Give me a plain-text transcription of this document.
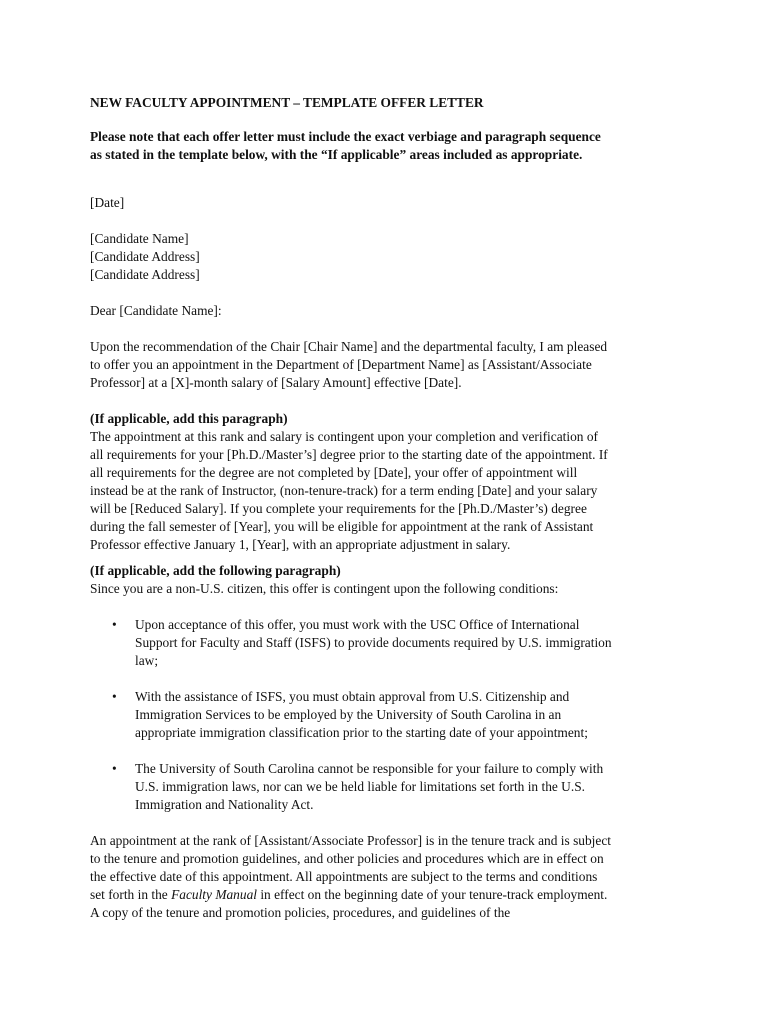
NEW FACULTY APPOINTMENT – TEMPLATE OFFER LETTER
Please note that each offer letter must include the exact verbiage and paragraph sequence
as stated in the template below, with the “If applicable” areas included as appropriate.
[Date]
[Candidate Name]
[Candidate Address]
[Candidate Address]
Dear [Candidate Name]:
Upon the recommendation of the Chair [Chair Name] and the departmental faculty, I am pleased
to offer you an appointment in the Department of [Department Name] as [Assistant/Associate
Professor] at a [X]-month salary of [Salary Amount] effective [Date].
(If applicable, add this paragraph)
The appointment at this rank and salary is contingent upon your completion and verification of
all requirements for your [Ph.D./Master’s] degree prior to the starting date of the appointment. If
all requirements for the degree are not completed by [Date], your offer of appointment will
instead be at the rank of Instructor, (non-tenure-track) for a term ending [Date] and your salary
will be [Reduced Salary]. If you complete your requirements for the [Ph.D./Master’s) degree
during the fall semester of [Year], you will be eligible for appointment at the rank of Assistant
Professor effective January 1, [Year], with an appropriate adjustment in salary.
(If applicable, add the following paragraph)
Since you are a non-U.S. citizen, this offer is contingent upon the following conditions:
• Upon acceptance of this offer, you must work with the USC Office of International
Support for Faculty and Staff (ISFS) to provide documents required by U.S. immigration
law;
• With the assistance of ISFS, you must obtain approval from U.S. Citizenship and
Immigration Services to be employed by the University of South Carolina in an
appropriate immigration classification prior to the starting date of your appointment;
• The University of South Carolina cannot be responsible for your failure to comply with
U.S. immigration laws, nor can we be held liable for limitations set forth in the U.S.
Immigration and Nationality Act.
An appointment at the rank of [Assistant/Associate Professor] is in the tenure track and is subject
to the tenure and promotion guidelines, and other policies and procedures which are in effect on
the effective date of this appointment. All appointments are subject to the terms and conditions
set forth in the Faculty Manual in effect on the beginning date of your tenure-track employment.
A copy of the tenure and promotion policies, procedures, and guidelines of the
